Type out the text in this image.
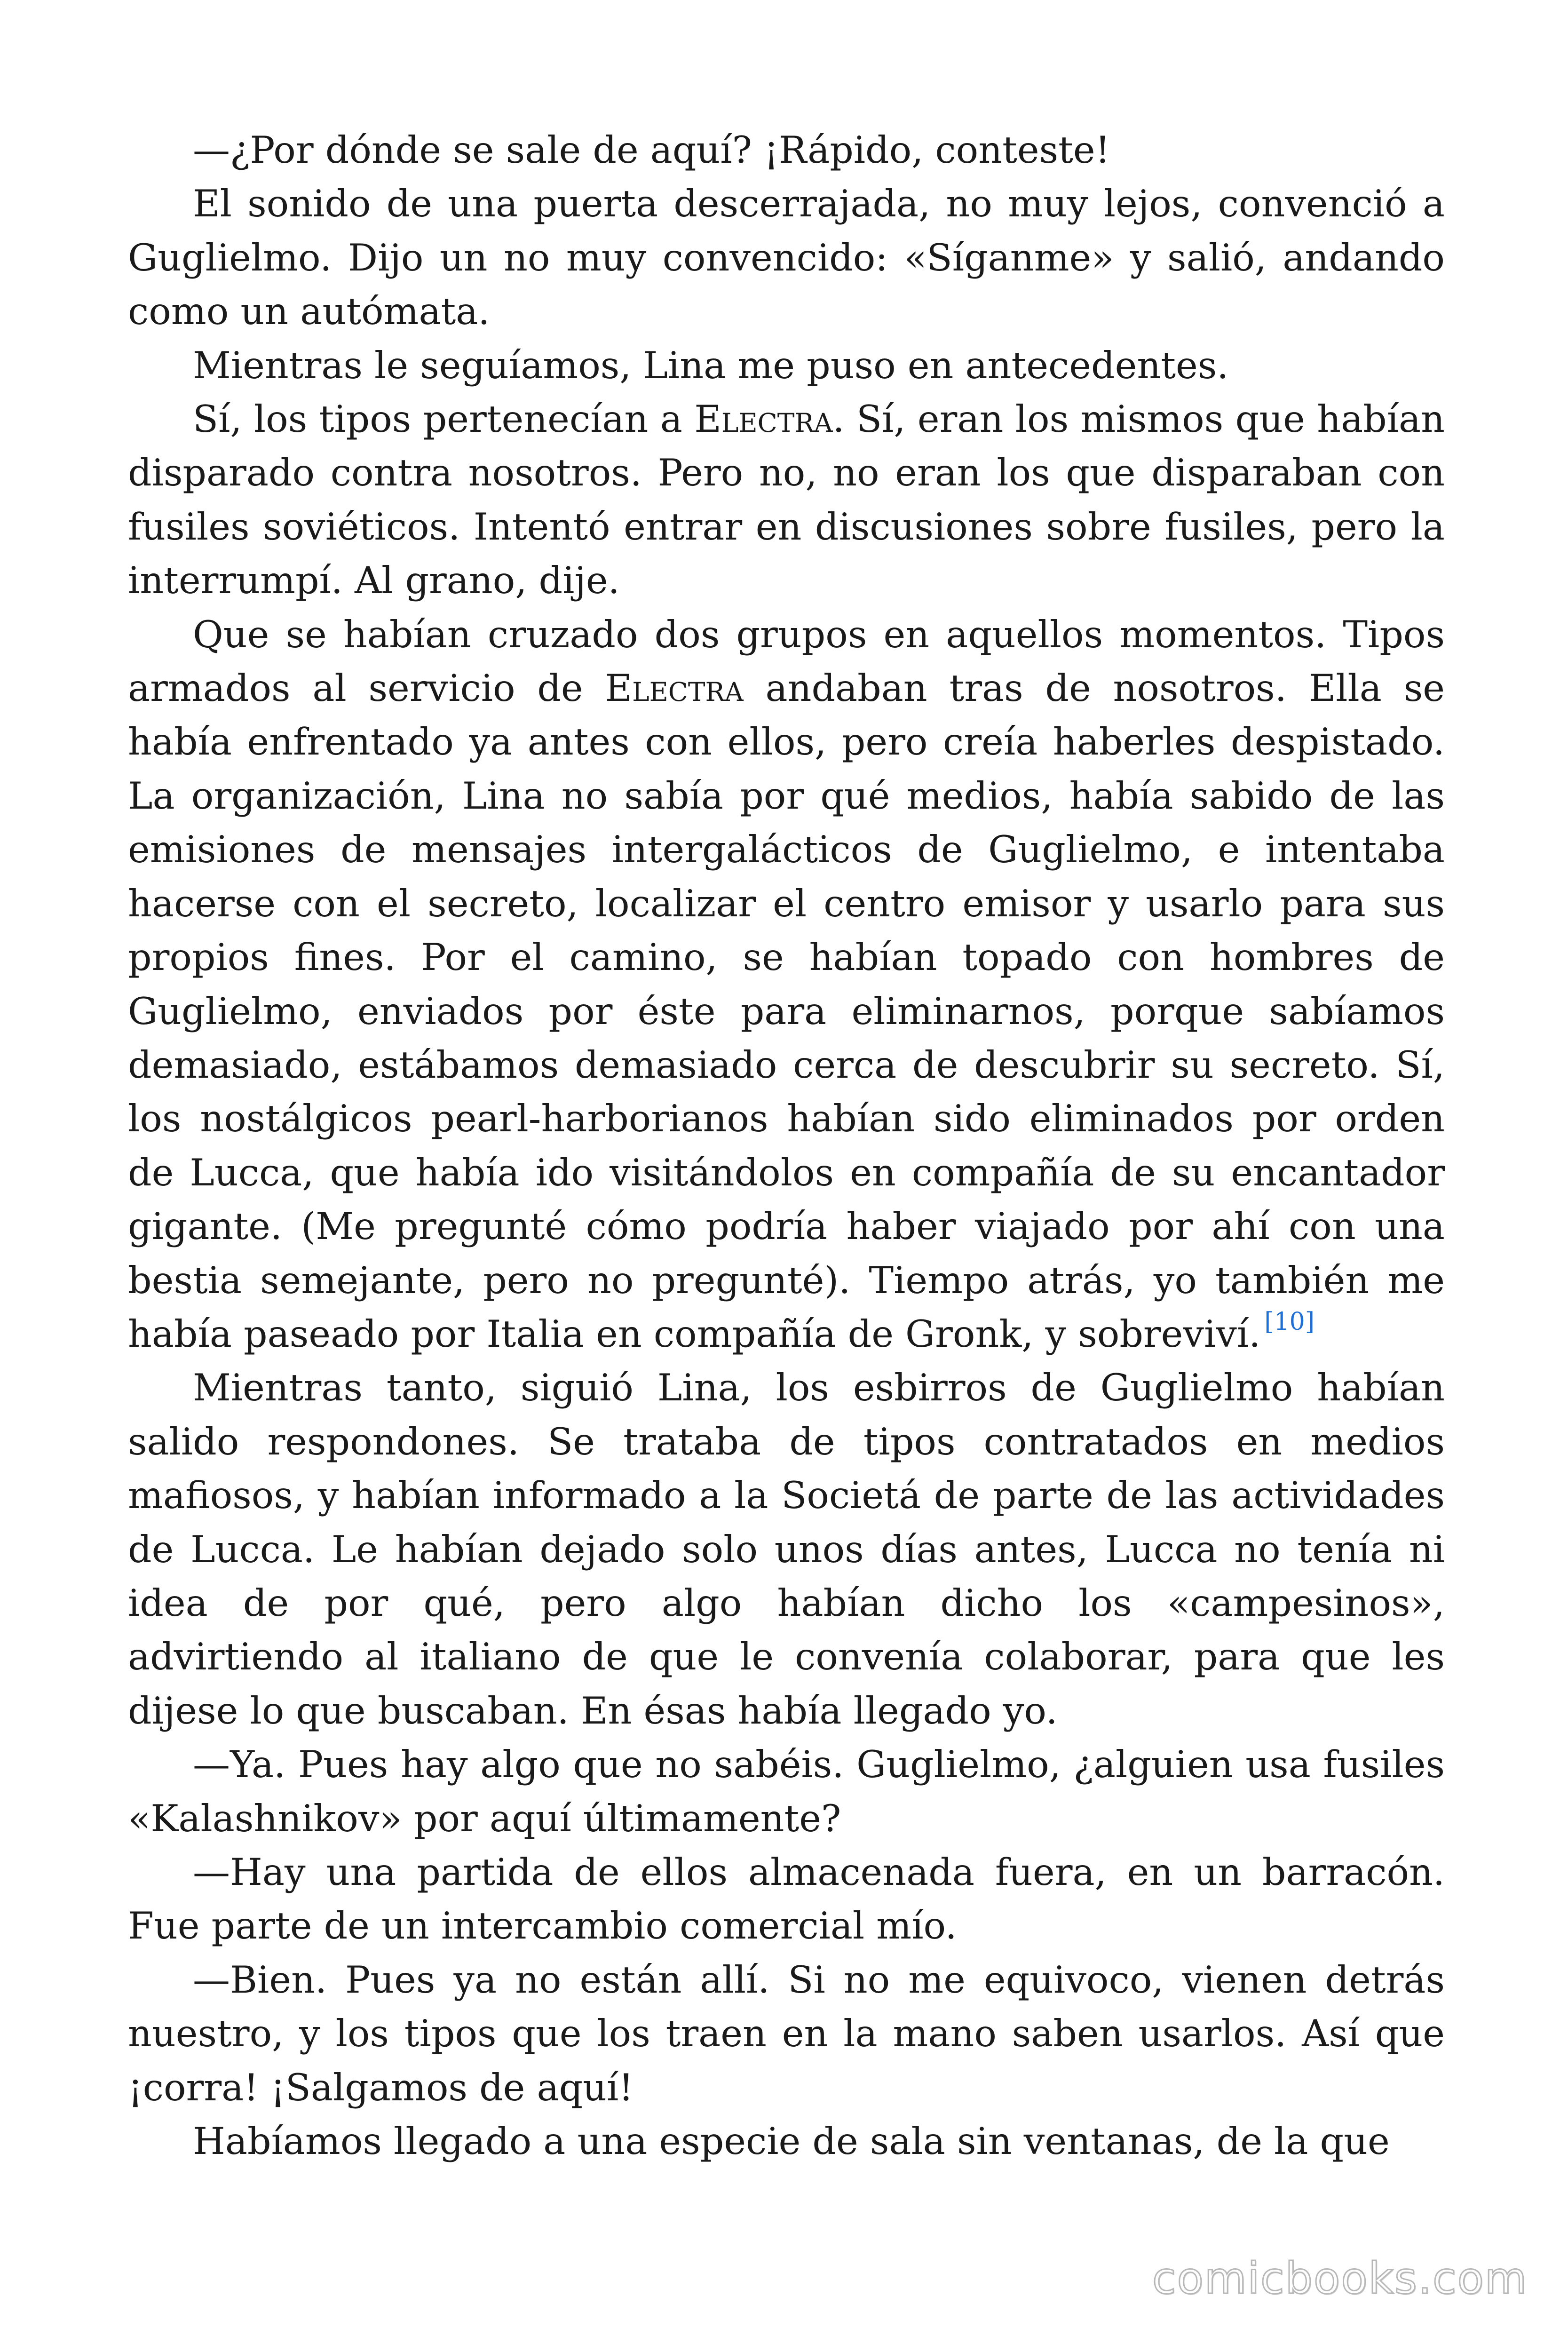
—¿Por dónde se sale de aquí? ¡Rápido, conteste!

El sonido de una puerta descerrajada, no muy lejos, convenció a Guglielmo. Dijo un no muy convencido: «Síganme» y salió, andando como un autómata.

Mientras le seguíamos, Lina me puso en antecedentes.

Sí, los tipos pertenecían a Electra. Sí, eran los mismos que habían disparado contra nosotros. Pero no, no eran los que disparaban con fusiles soviéticos. Intentó entrar en discusiones sobre fusiles, pero la interrumpí. Al grano, dije.

Que se habían cruzado dos grupos en aquellos momentos. Tipos armados al servicio de Electra andaban tras de nosotros. Ella se había enfrentado ya antes con ellos, pero creía haberles despistado. La organización, Lina no sabía por qué medios, había sabido de las emisiones de mensajes intergalácticos de Guglielmo, e intentaba hacerse con el secreto, localizar el centro emisor y usarlo para sus propios fines. Por el camino, se habían topado con hombres de Guglielmo, enviados por éste para eliminarnos, porque sabíamos demasiado, estábamos demasiado cerca de descubrir su secreto. Sí, los nostálgicos pearl-harborianos habían sido eliminados por orden de Lucca, que había ido visitándolos en compañía de su encantador gigante. (Me pregunté cómo podría haber viajado por ahí con una bestia semejante, pero no pregunté). Tiempo atrás, yo también me había paseado por Italia en compañía de Gronk, y sobreviví. [10]

Mientras tanto, siguió Lina, los esbirros de Guglielmo habían salido respondones. Se trataba de tipos contratados en medios mafiosos, y habían informado a la Societá de parte de las actividades de Lucca. Le habían dejado solo unos días antes, Lucca no tenía ni idea de por qué, pero algo habían dicho los «campesinos», advirtiendo al italiano de que le convenía colaborar, para que les dijese lo que buscaban. En ésas había llegado yo.

—Ya. Pues hay algo que no sabéis. Guglielmo, ¿alguien usa fusiles «Kalashnikov» por aquí últimamente?

—Hay una partida de ellos almacenada fuera, en un barracón. Fue parte de un intercambio comercial mío.

—Bien. Pues ya no están allí. Si no me equivoco, vienen detrás nuestro, y los tipos que los traen en la mano saben usarlos. Así que ¡corra! ¡Salgamos de aquí!

Habíamos llegado a una especie de sala sin ventanas, de la que

comicbooks.com
